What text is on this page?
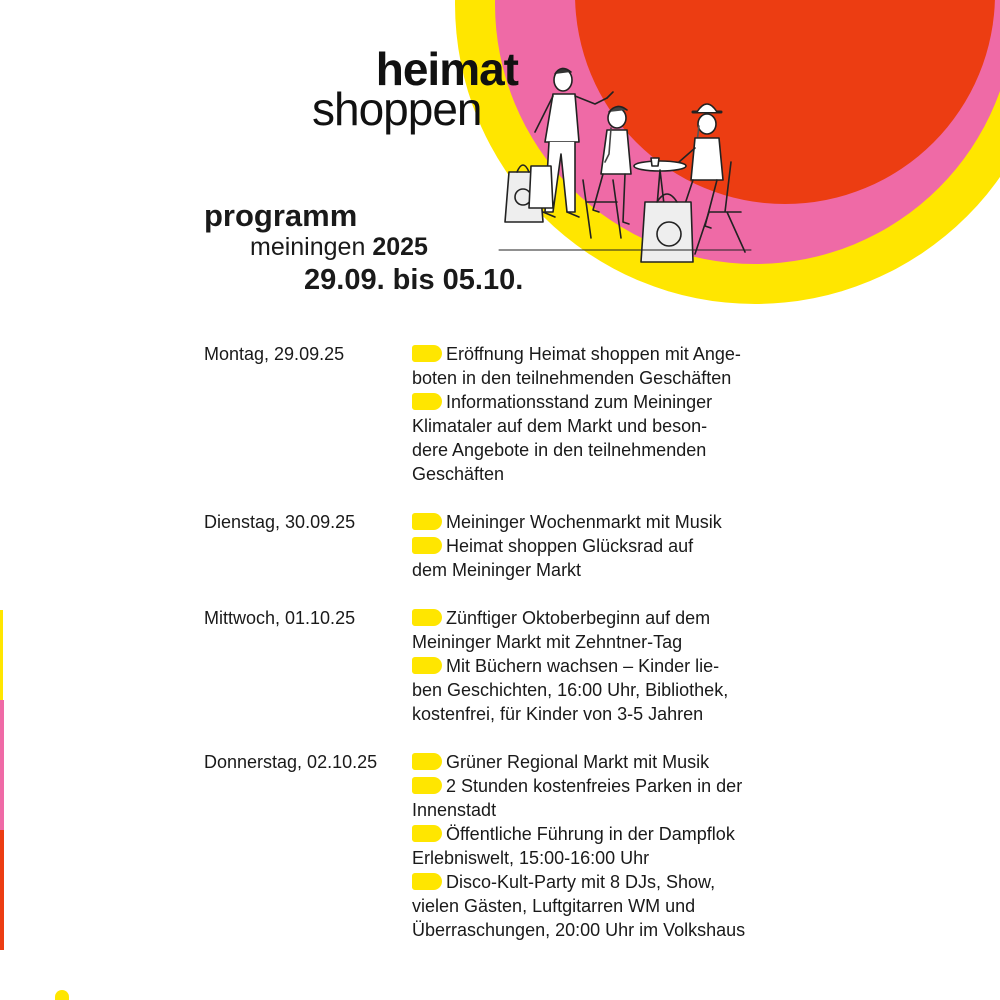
heimat
shoppen
programm
meiningen 2025
29.09. bis 05.10.
Montag, 29.09.25	Eröffnung Heimat shoppen mit Ange-
boten in den teilnehmenden Geschäften
Informationsstand zum Meininger
Klimataler auf dem Markt und beson-
dere Angebote in den teilnehmenden
Geschäften
Dienstag, 30.09.25	Meininger Wochenmarkt mit Musik
Heimat shoppen Glücksrad auf
dem Meininger Markt
Mittwoch, 01.10.25	Zünftiger Oktoberbeginn auf dem
Meininger Markt mit Zehntner-Tag
Mit Büchern wachsen – Kinder lie-
ben Geschichten, 16:00 Uhr, Bibliothek,
kostenfrei, für Kinder von 3-5 Jahren
Donnerstag, 02.10.25	Grüner Regional Markt mit Musik
2 Stunden kostenfreies Parken in der
Innenstadt
Öffentliche Führung in der Dampflok
Erlebniswelt, 15:00-16:00 Uhr
Disco-Kult-Party mit 8 DJs, Show,
vielen Gästen, Luftgitarren WM und
Überraschungen, 20:00 Uhr im Volkshaus
